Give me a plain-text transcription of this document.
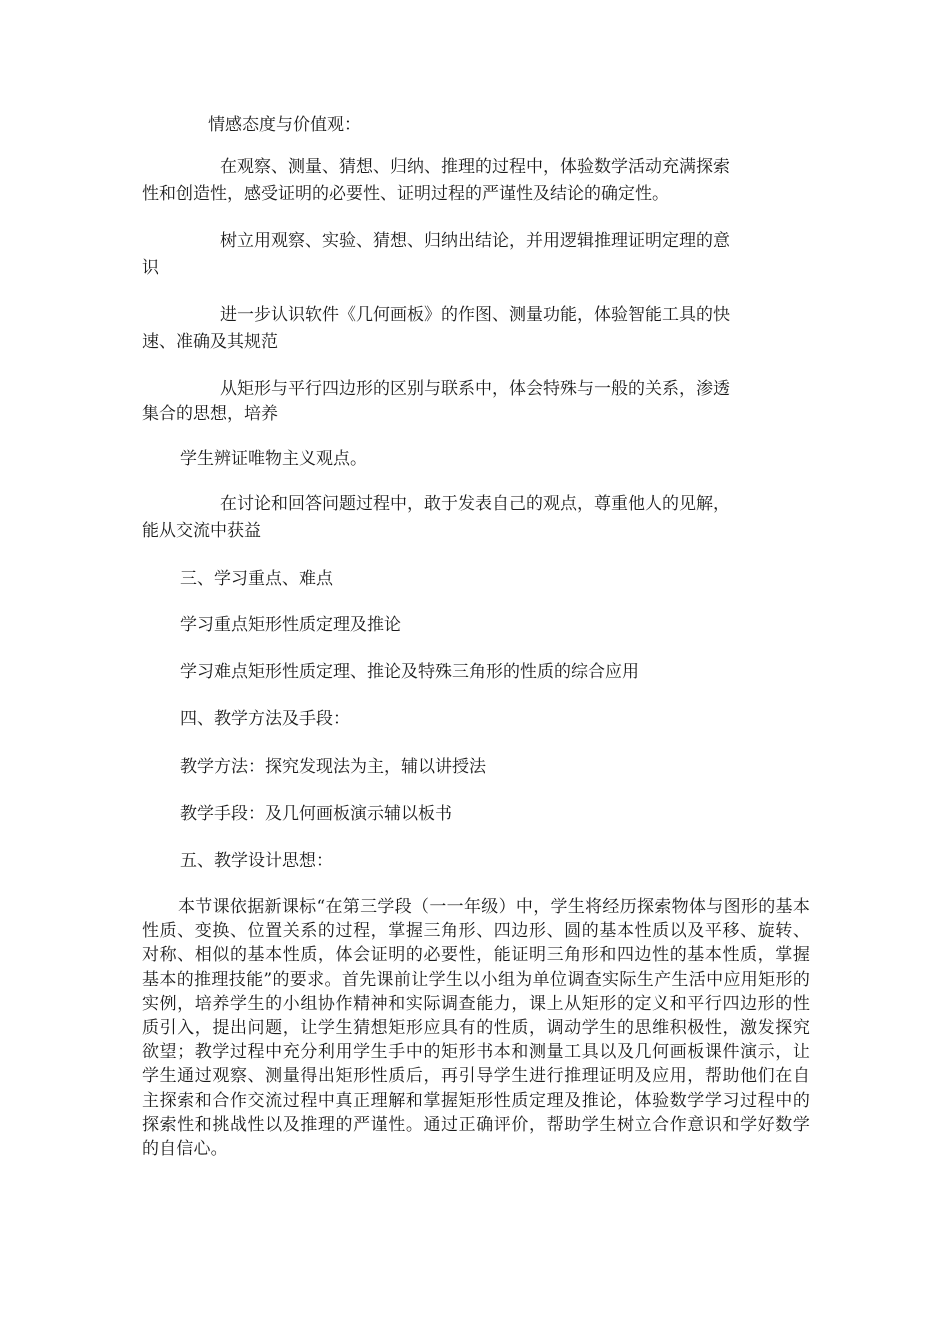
情感态度与价值观：

在观察、测量、猜想、归纳、推理的过程中，体验数学活动充满探索

性和创造性，感受证明的必要性、证明过程的严谨性及结论的确定性。

树立用观察、实验、猜想、归纳出结论，并用逻辑推理证明定理的意

识

进一步认识软件《几何画板》的作图、测量功能，体验智能工具的快

速、准确及其规范

从矩形与平行四边形的区别与联系中，体会特殊与一般的关系，渗透

集合的思想，培养

学生辨证唯物主义观点。

在讨论和回答问题过程中，敢于发表自己的观点，尊重他人的见解，

能从交流中获益

三、学习重点、难点

学习重点矩形性质定理及推论

学习难点矩形性质定理、推论及特殊三角形的性质的综合应用

四、教学方法及手段：

教学方法：探究发现法为主，辅以讲授法

教学手段：及几何画板演示辅以板书

五、教学设计思想：

本节课依据新课标“在第三学段（一一年级）中，学生将经历探索物体与图形的基本性质、变换、位置关系的过程，掌握三角形、四边形、圆的基本性质以及平移、旋转、对称、相似的基本性质，体会证明的必要性，能证明三角形和四边性的基本性质，掌握基本的推理技能”的要求。首先课前让学生以小组为单位调查实际生产生活中应用矩形的实例，培养学生的小组协作精神和实际调查能力，课上从矩形的定义和平行四边形的性质引入，提出问题，让学生猜想矩形应具有的性质，调动学生的思维积极性，激发探究欲望；教学过程中充分利用学生手中的矩形书本和测量工具以及几何画板课件演示，让学生通过观察、测量得出矩形性质后，再引导学生进行推理证明及应用，帮助他们在自主探索和合作交流过程中真正理解和掌握矩形性质定理及推论，体验数学学习过程中的探索性和挑战性以及推理的严谨性。通过正确评价，帮助学生树立合作意识和学好数学的自信心。
